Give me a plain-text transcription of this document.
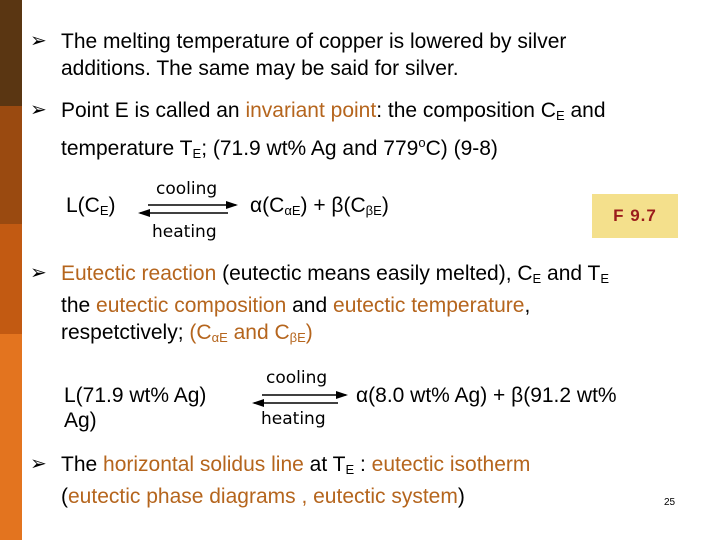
➢ The melting temperature of copper is lowered by silver
additions. The same may be said for silver.
➢ Point E is called an invariant point: the composition $C_E$ and
temperature $T_E$; (71.9 wt% Ag and 779$^o$C) (9-8)
$L(C_E)$
cooling
heating
$\alpha(C_{\alpha E}) + \beta(C_{\beta E})$	F 9.7
➢ Eutectic reaction (eutectic means easily melted), $C_E$ and $T_E$
the eutectic composition and eutectic temperature,
respetctively; ($C_{\alpha E}$ and $C_{\beta E}$)
L(71.9 wt% Ag)
Ag)
cooling
heating
α(8.0 wt% Ag) + β(91.2 wt%
➢ The horizontal solidus line at $T_E$ : eutectic isotherm
(eutectic phase diagrams , eutectic system)	25
